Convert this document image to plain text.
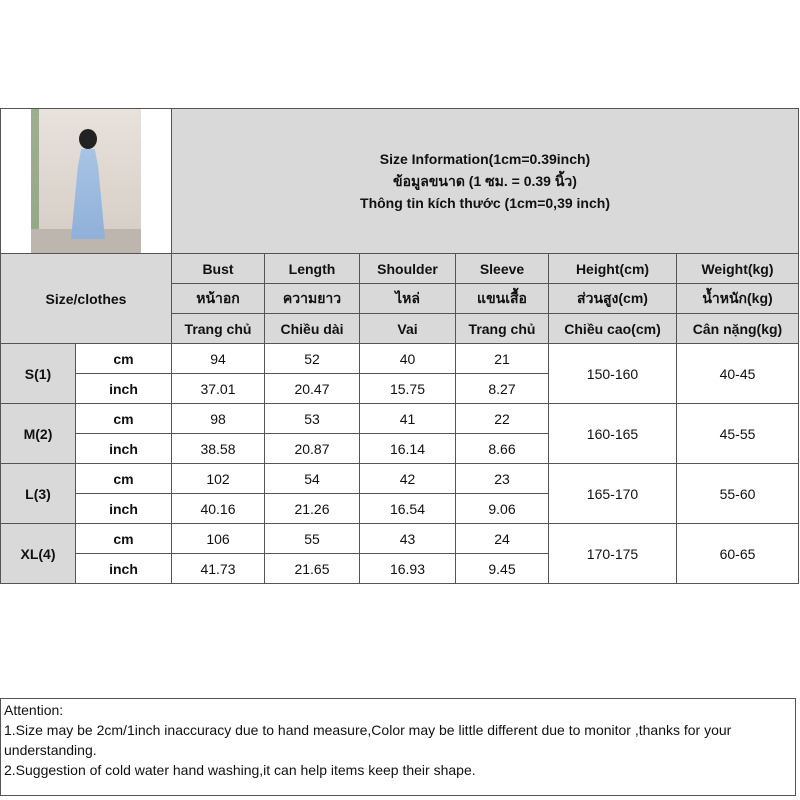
		Size Information(1cm=0.39inch)
ข้อมูลขนาด (1 ซม. = 0.39 นิ้ว)
Thông tin kích thước (1cm=0,39 inch)					

Size/clothes		Bust	Length	Shoulder	Sleeve	Height(cm)	Weight(kg)
		หน้าอก	ความยาว	ไหล่	แขนเสื้อ	ส่วนสูง(cm)	น้ำหนัก(kg)
		Trang chủ	Chiều dài	Vai	Trang chủ	Chiều cao(cm)	Cân nặng(kg)
S(1)	cm	94	52	40	21	150-160	40-45
	inch	37.01	20.47	15.75	8.27		
M(2)	cm	98	53	41	22	160-165	45-55
	inch	38.58	20.87	16.14	8.66		
L(3)	cm	102	54	42	23	165-170	55-60
	inch	40.16	21.26	16.54	9.06		
XL(4)	cm	106	55	43	24	170-175	60-65
	inch	41.73	21.65	16.93	9.45		
Attention:
1.Size may be 2cm/1inch inaccuracy due to hand measure,Color may be little different due to monitor ,thanks for your understanding.
2.Suggestion of cold water hand washing,it can help items keep their shape.
